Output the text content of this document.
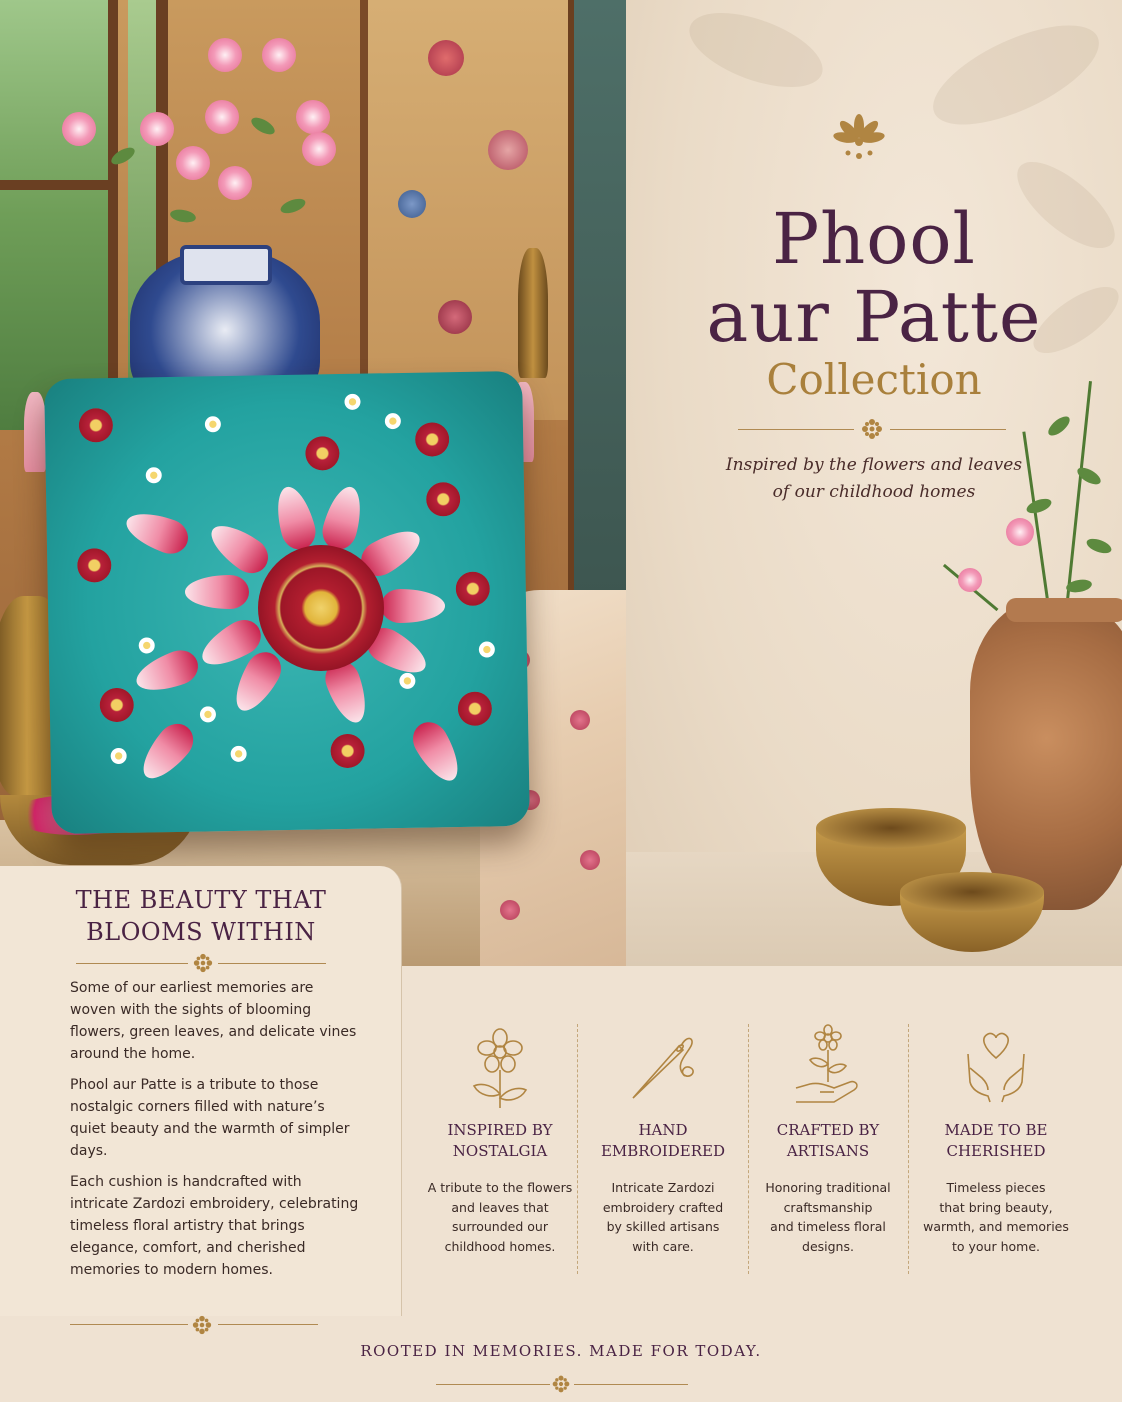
Phool
aur Patte
Collection
Inspired by the flowers and leaves
of our childhood homes
THE BEAUTY THAT
BLOOMS WITHIN

Some of our earliest memories are woven with the sights of blooming flowers, green leaves, and delicate vines around the home.

Phool aur Patte is a tribute to those nostalgic corners filled with nature’s quiet beauty and the warmth of simpler days.

Each cushion is handcrafted with intricate Zardozi embroidery, celebrating timeless floral artistry that brings elegance, comfort, and cherished memories to modern homes.

INSPIRED BY
NOSTALGIA
A tribute to the flowers
and leaves that
surrounded our
childhood homes.
HAND
EMBROIDERED
Intricate Zardozi
embroidery crafted
by skilled artisans
with care.
CRAFTED BY
ARTISANS
Honoring traditional
craftsmanship
and timeless floral
designs.
MADE TO BE
CHERISHED
Timeless pieces
that bring beauty,
warmth, and memories
to your home.
ROOTED IN MEMORIES. MADE FOR TODAY.
